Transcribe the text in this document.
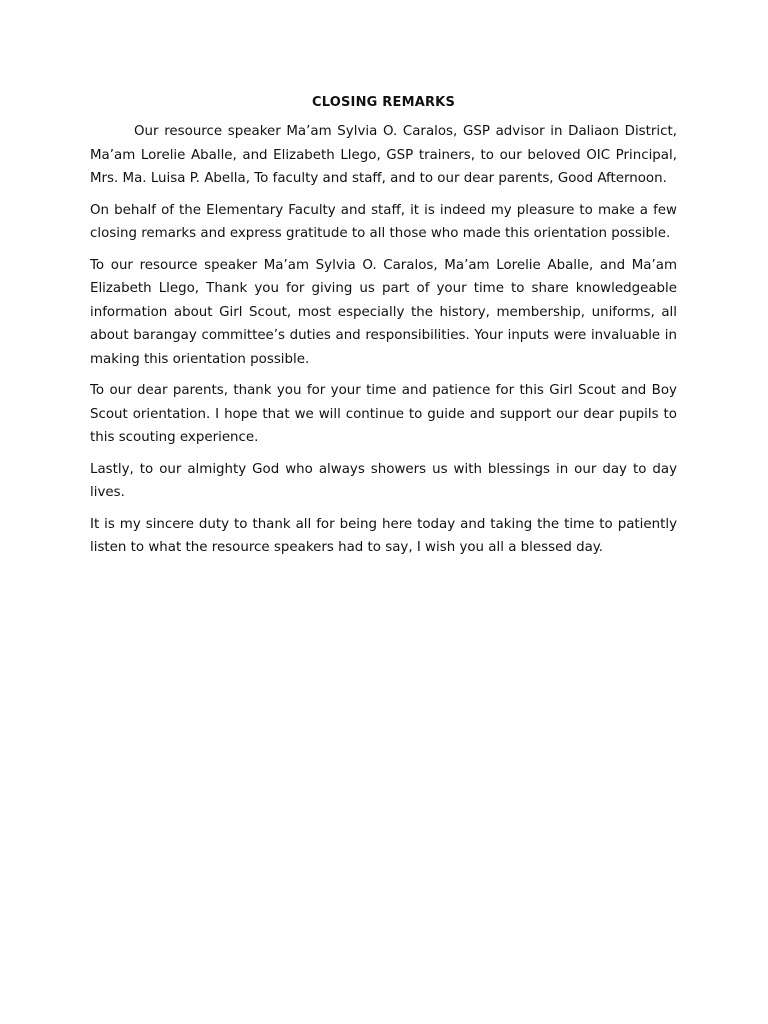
CLOSING REMARKS

Our resource speaker Ma’am Sylvia O. Caralos, GSP advisor in Daliaon District, Ma’am Lorelie Aballe, and Elizabeth Llego, GSP trainers, to our beloved OIC Principal, Mrs. Ma. Luisa P. Abella, To faculty and staff, and to our dear parents, Good Afternoon.

On behalf of the Elementary Faculty and staff, it is indeed my pleasure to make a few closing remarks and express gratitude to all those who made this orientation possible.

To our resource speaker Ma’am Sylvia O. Caralos, Ma’am Lorelie Aballe, and Ma’am Elizabeth Llego, Thank you for giving us part of your time to share knowledgeable information about Girl Scout, most especially the history, membership, uniforms, all about barangay committee’s duties and responsibilities. Your inputs were invaluable in making this orientation possible.

To our dear parents, thank you for your time and patience for this Girl Scout and Boy Scout orientation. I hope that we will continue to guide and support our dear pupils to this scouting experience.

Lastly, to our almighty God who always showers us with blessings in our day to day lives.

It is my sincere duty to thank all for being here today and taking the time to patiently listen to what the resource speakers had to say, I wish you all a blessed day.
